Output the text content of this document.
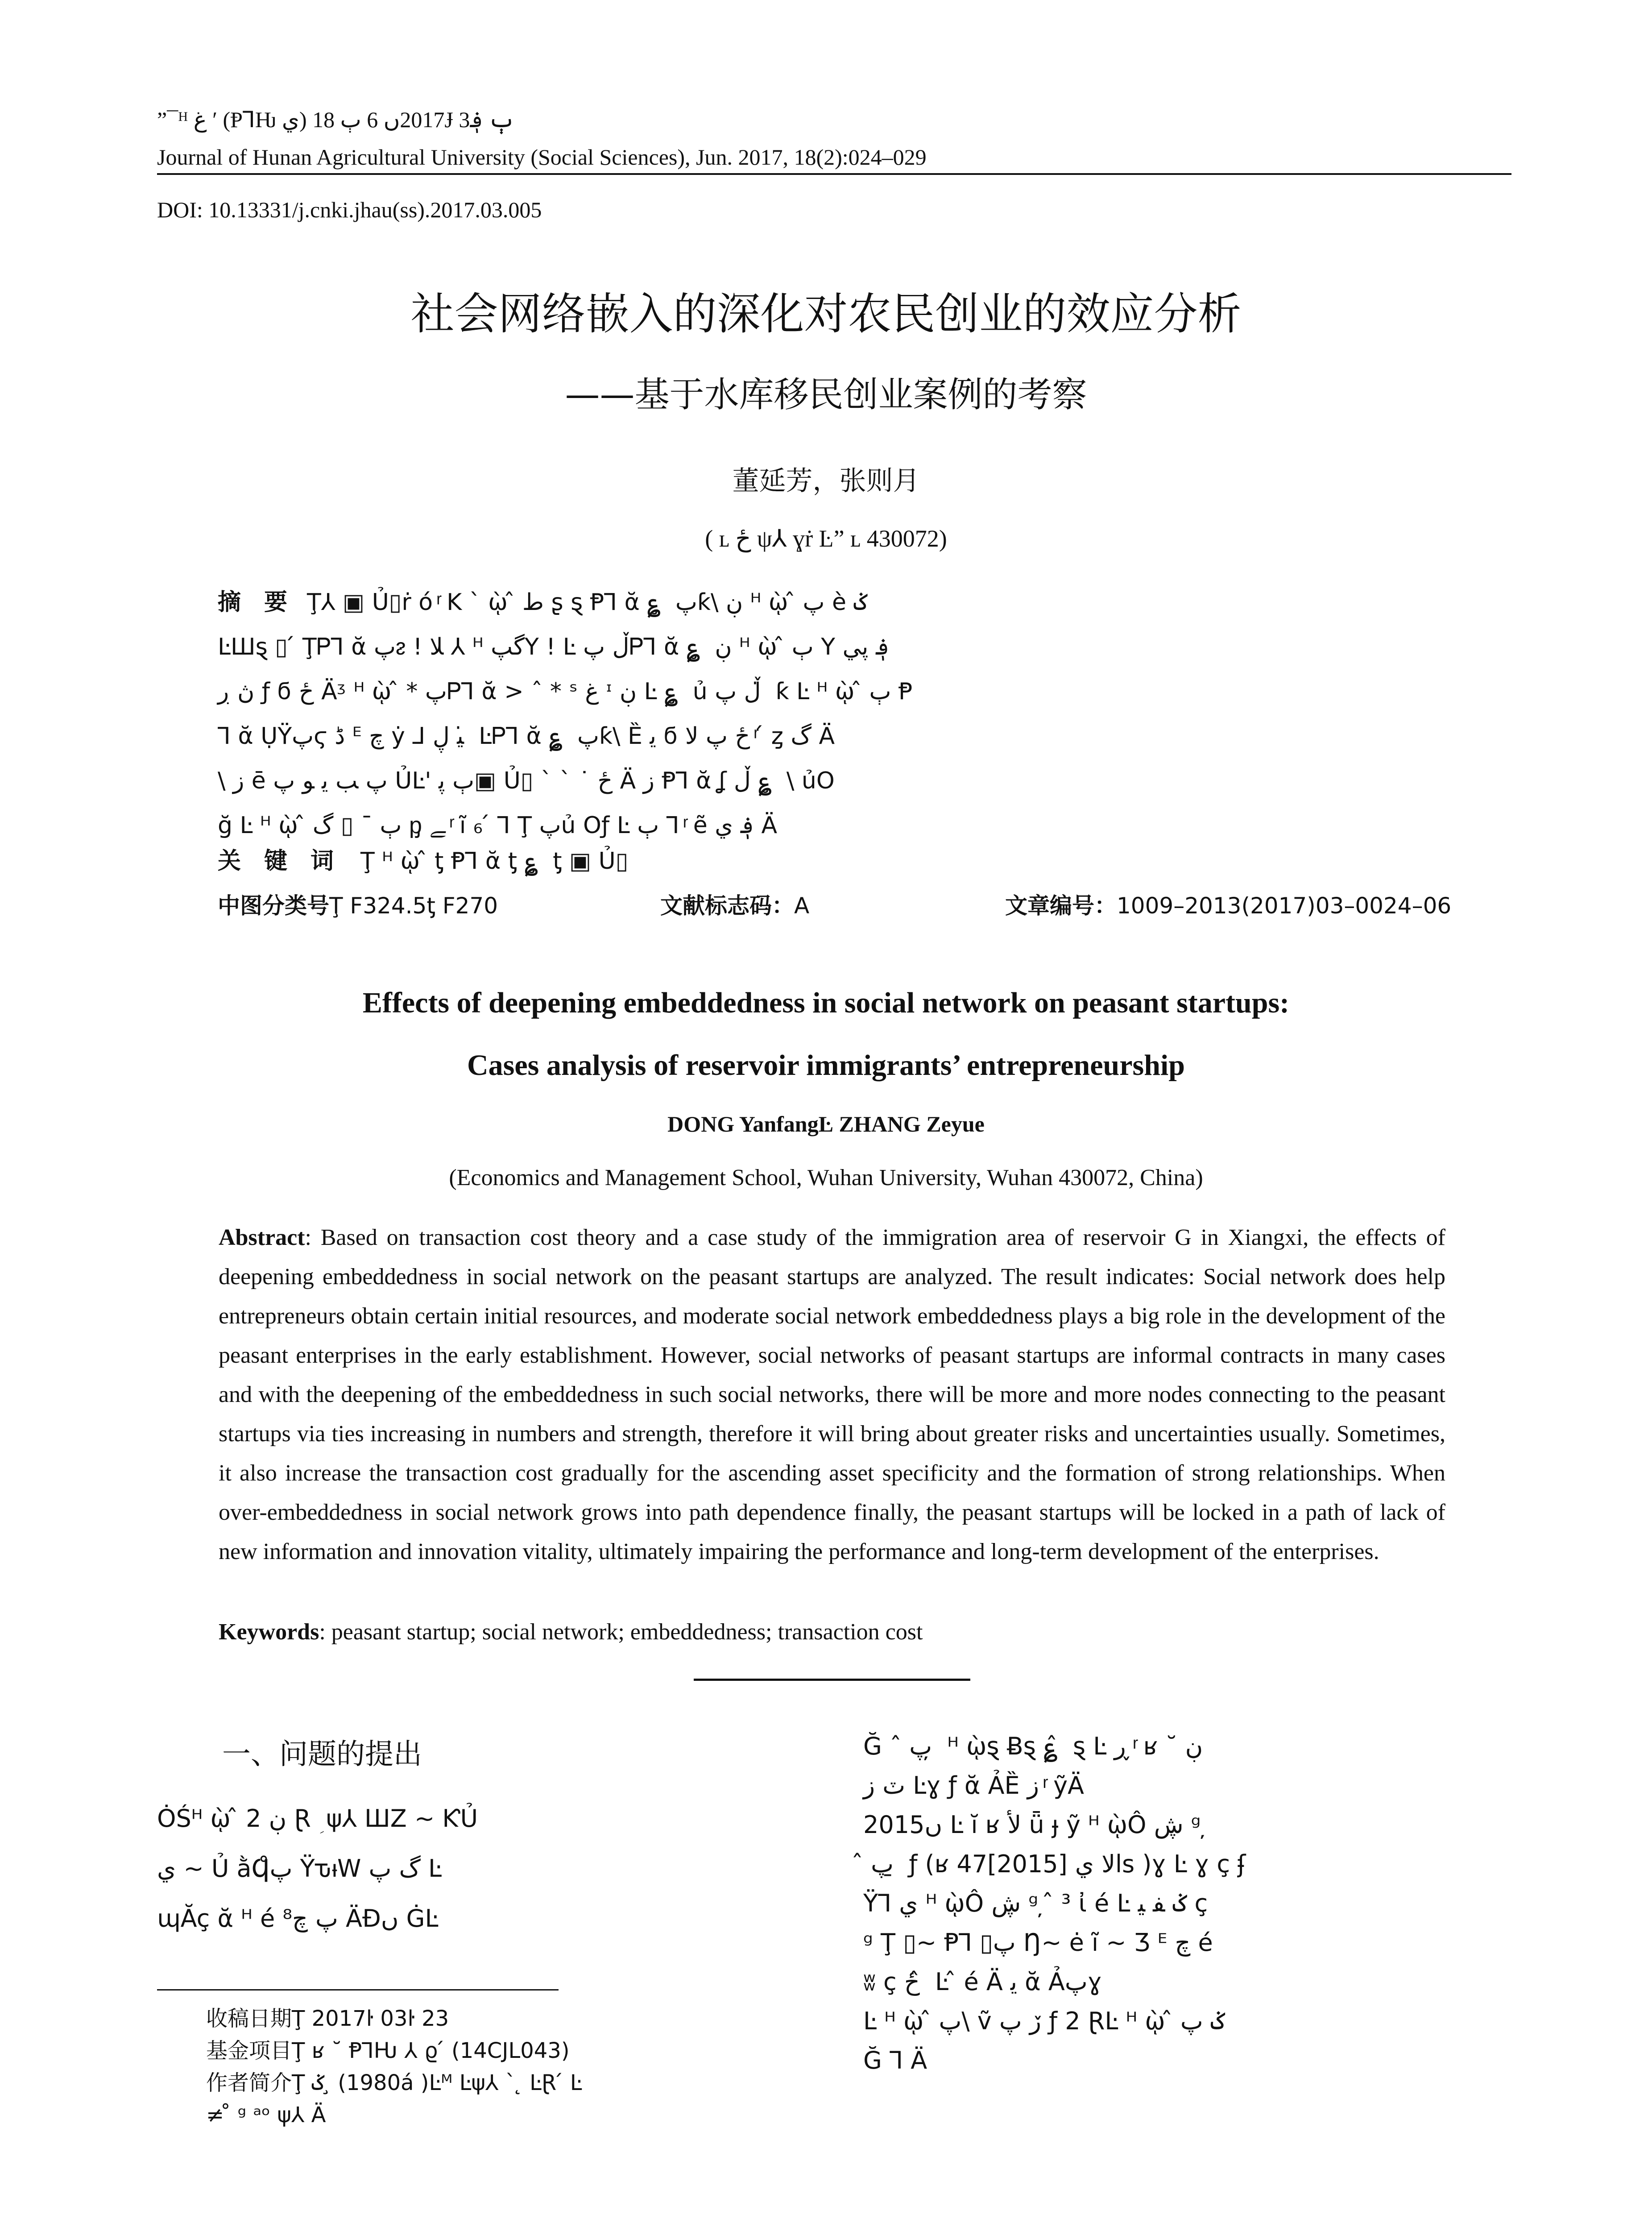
”¯ᴴ غ ʹ (Ᵽ⅂Ƕ ي) 2017ں 6 ٻ 18Ɉ ٻ ؋3
Journal of Hunan Agricultural University (Social Sciences), Jun. 2017, 18(2):024–029
DOI: 10.13331/j.cnki.jhau(ss).2017.03.005
社会网络嵌入的深化对农民创业的效应分析
——基于水库移民创业案例的考察
董延芳，张则月
( ʟ ځ ψ⅄ ɣṙ Ŀ” ʟ 430072)
摘　要 Ţ⅄ ▣ Ủ▯ṙ ό ͬ K ` ῲ ̂ ط ʂ ȿ Ᵽ⅂ ᾰ ؏ ̧ پƙ\ ڹ ᴴ ῲ ̂ پ è ݢ
ĿШȿ ▯ ́ ŢᏢ⅂ ᾰ پᴤ ! ﻼ ⅄ ᴴ گپY ! Ŀ ڵ پᏢ⅂ ᾰ ؏ ̧ ڹ ᴴ ῲ ̂ ٻ Y ؋ پي
ڽ ڔ ƒ ϭ ځ Äᶾ ᴴ ῲ ̂ * پᏢ⅂ ᾰ > ˆ * ˢ غ ᶦ ڹ Ŀ ؏ ̧ ủ ڵ پ ̇ ƙ Ŀ ᴴ ῲ ̂ ٻ Ᵽ
⅂ ᾰ ỤŸپϛ ﮈ ᴱ ﭺ ẏ ⅃ ﯿ ڸ ̇ ĿᏢ⅂ ᾰ ؏ ̧ پƙ\ Ȅ ﯾ ϭ ځ پ ﻻ ͬ ́ ȥ گ Ä
\ ﺯ ē پ ﺐ ﯾ ﻮ پ ỦĿ' ٻ ﭘ▣ Ủ▯ ` ` ˙ ځ Ä ﺯ Ᵽ⅂ ᾰ ʆ ڵ ؏ ̧ \ ủO
ğ Ŀ ᴴ ῲ ̂ ٻ ¯ ▯ گ ᶈ ﮯ ͬ ĩ ₆ ́ ⅂ Ţ پủ Oƒ Ŀ ٻ ⅂ ͬ ẽ ؋ ي Ä
关　键　词	Ţ ᴴ ῲ ̂ ƫ Ᵽ⅂ ᾰ ƫ ؏ ̧ ƫ ▣ Ủ▯
中图分类号Ţ F324.5ƫ F270	文献标志码：A	文章编号：1009–2013(2017)03–0024–06
Effects of deepening embeddedness in social network on peasant startups:
Cases analysis of reservoir immigrants’ entrepreneurship
DONG YanfangĿ ZHANG Zeyue
(Economics and Management School, Wuhan University, Wuhan 430072, China)
Abstract: Based on transaction cost theory and a case study of the immigration area of reservoir G in Xiangxi, the effects of deepening embeddedness in social network on the peasant startups are analyzed. The result indicates: Social network does help entrepreneurs obtain certain initial resources, and moderate social network embeddedness plays a big role in the development of the peasant enterprises in the early establishment. However, social networks of peasant startups are informal contracts in many cases and with the deepening of the embeddedness in such social networks, there will be more and more nodes connecting to the peasant startups via ties increasing in numbers and strength, therefore it will bring about greater risks and uncertainties usually. Sometimes, it also increase the transaction cost gradually for the ascending asset specificity and the formation of strong relationships. When over-embeddedness in social network grows into path dependence finally, the peasant startups will be locked in a path of lack of new information and innovation vitality, ultimately impairing the performance and long-term development of the enterprises.
Keywords: peasant startup; social network; embeddedness; transaction cost
一、问题的提出
ȮŚᴴ ῲ ̂ ڹ 2 Ɽ ؚ ψ⅄ ШZ ~ ƘỦ
ي ~ Ủ ằϤپ̊ ŸԏᵼW گ پ Ŀ
ɰĂç ᾰ ᴴ é پ ﭺ⁸ ÄĐں ĠĿ
收稿日期Ţ 2017ŀ 03ŀ 23
基金项目Ţ ʁ ˘ Ᵽ⅂Ƕ ⅄ ϱ ́ (14CJL043)
作者简介Ţ ݢ ̧ (1980á )Ŀᴹ Ŀψ⅄ ` ̨ ĿⱤ ́ Ŀ
≠ ̊ ᵍ ᵃᵒ ψ⅄ Ä
Ğ ˆ پ ̦ ᴴ ῲȿ Ƀȿ ؏ ̂ ȿ Ŀ ڕ ͬ ʁ ˘ ڹ
ٽ ﺯ Ŀɣ ƒ ᾰ ẢȄ ﺯ ͬ ỹÄ
2015ں Ŀ ĭ ʁ ﻷ ǖ ɟ ỹ ᴴ ῲÔ ڜ ᵍ ̦
̂ پ ̱ ƒ (ʁ ﻻ ي [2015]47ls )ɣ Ŀ ɣ ç ʄ
Ÿ⅂ ي ᴴ ῲÔ ڜ ᵍ ̦ ̂ ³ ἰ é Ŀ ݢ ﻔ ﯿ ç
ᵍ Ţ ▯~ Ᵽ⅂ ▯پ Ŋ~ ė ĩ ~ Ʒ ᴱ ﭺ é
ʬ ç ځ ̂ Ŀ ̂ é Ä ﯾ ᾰ Ảپɣ
Ŀ ᴴ ῲ ̂ پ\ ṽ ڒ پ ƒ 2 ⱤĿ ᴴ ῲ ̂ ݢ پ
Ğ ⅂ Ä
